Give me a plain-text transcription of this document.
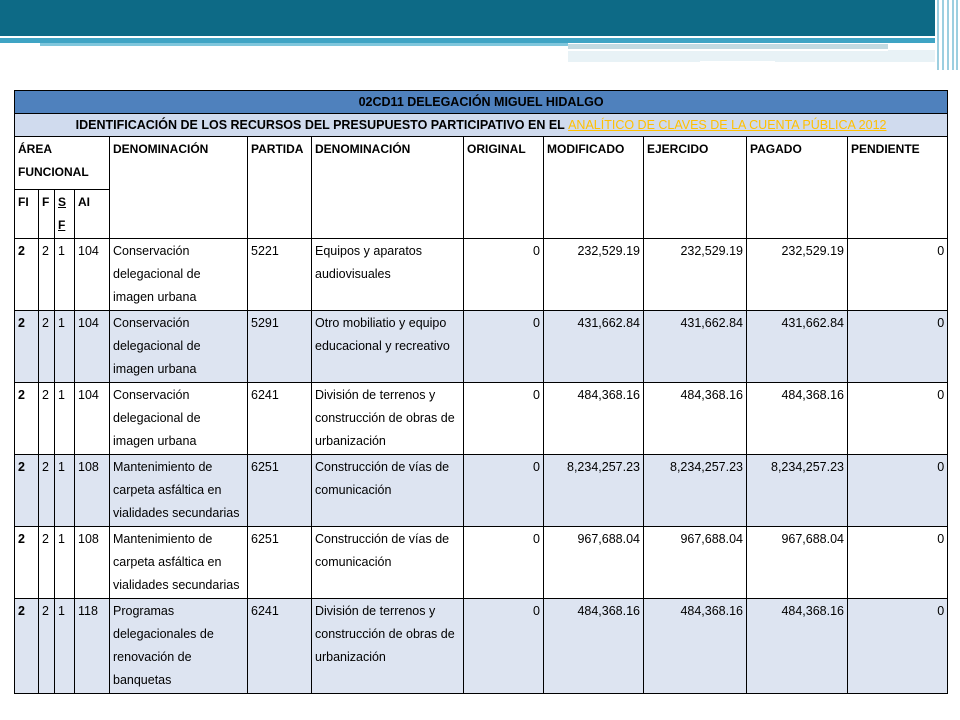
02CD11 DELEGACIÓN MIGUEL HIDALGO											
IDENTIFICACIÓN DE LOS RECURSOS DEL PRESUPUESTO PARTICIPATIVO EN EL ANALÍTICO DE CLAVES DE LA CUENTA PÚBLICA 2012											
ÁREA FUNCIONAL				DENOMINACIÓN	PARTIDA	DENOMINACIÓN	ORIGINAL	MODIFICADO	EJERCIDO	PAGADO	PENDIENTE
FI	F	S F	AI								
2	2	1	104	Conservación delegacional de imagen urbana	5221	Equipos y aparatos audiovisuales	0	232,529.19	232,529.19	232,529.19	0
2	2	1	104	Conservación delegacional de imagen urbana	5291	Otro mobiliatio y equipo educacional y recreativo	0	431,662.84	431,662.84	431,662.84	0
2	2	1	104	Conservación delegacional de imagen urbana	6241	División de terrenos y construcción de obras de urbanización	0	484,368.16	484,368.16	484,368.16	0
2	2	1	108	Mantenimiento de carpeta asfáltica en vialidades secundarias	6251	Construcción de vías de comunicación	0	8,234,257.23	8,234,257.23	8,234,257.23	0
2	2	1	108	Mantenimiento de carpeta asfáltica en vialidades secundarias	6251	Construcción de vías de comunicación	0	967,688.04	967,688.04	967,688.04	0
2	2	1	118	Programas delegacionales de renovación de banquetas	6241	División de terrenos y construcción de obras de urbanización	0	484,368.16	484,368.16	484,368.16	0
